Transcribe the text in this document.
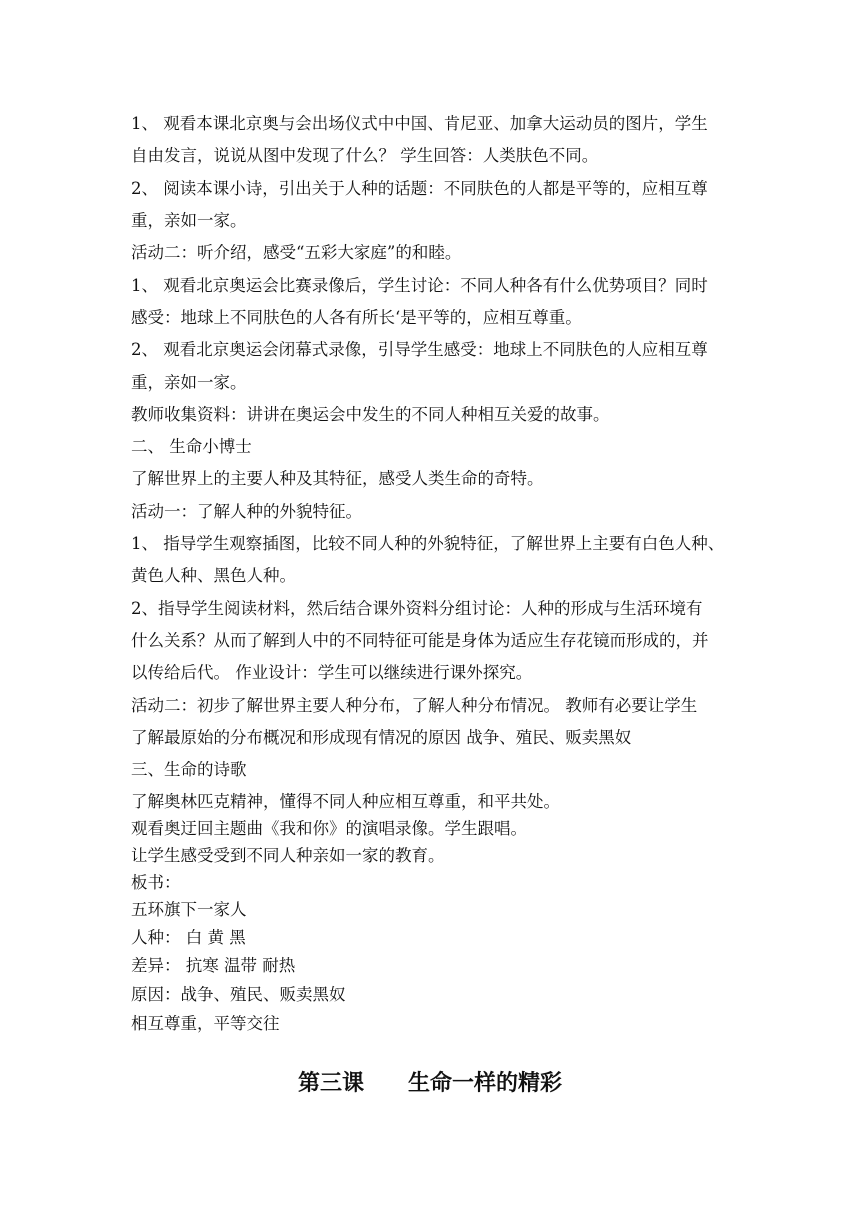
1、 观看本课北京奥与会出场仪式中中国、肯尼亚、加拿大运动员的图片，学生
自由发言，说说从图中发现了什么？ 学生回答：人类肤色不同。
2、 阅读本课小诗，引出关于人种的话题：不同肤色的人都是平等的，应相互尊
重，亲如一家。
活动二：听介绍，感受“五彩大家庭”的和睦。
1、 观看北京奥运会比赛录像后，学生讨论：不同人种各有什么优势项目？同时
感受：地球上不同肤色的人各有所长‘是平等的，应相互尊重。
2、 观看北京奥运会闭幕式录像，引导学生感受：地球上不同肤色的人应相互尊
重，亲如一家。
教师收集资料：讲讲在奥运会中发生的不同人种相互关爱的故事。
二、 生命小博士
了解世界上的主要人种及其特征，感受人类生命的奇特。
活动一：了解人种的外貌特征。
1、 指导学生观察插图，比较不同人种的外貌特征，了解世界上主要有白色人种、
黄色人种、黑色人种。
2、指导学生阅读材料，然后结合课外资料分组讨论：人种的形成与生活环境有
什么关系？从而了解到人中的不同特征可能是身体为适应生存花镜而形成的，并
以传给后代。 作业设计：学生可以继续进行课外探究。
活动二：初步了解世界主要人种分布，了解人种分布情况。 教师有必要让学生
了解最原始的分布概况和形成现有情况的原因 战争、殖民、贩卖黑奴
三、生命的诗歌
了解奥林匹克精神，懂得不同人种应相互尊重，和平共处。
观看奥迂回主题曲《我和你》的演唱录像。学生跟唱。
让学生感受受到不同人种亲如一家的教育。
板书：
五环旗下一家人
人种： 白 黄 黑
差异： 抗寒 温带 耐热
原因：战争、殖民、贩卖黑奴
相互尊重，平等交往
第三课 生命一样的精彩
